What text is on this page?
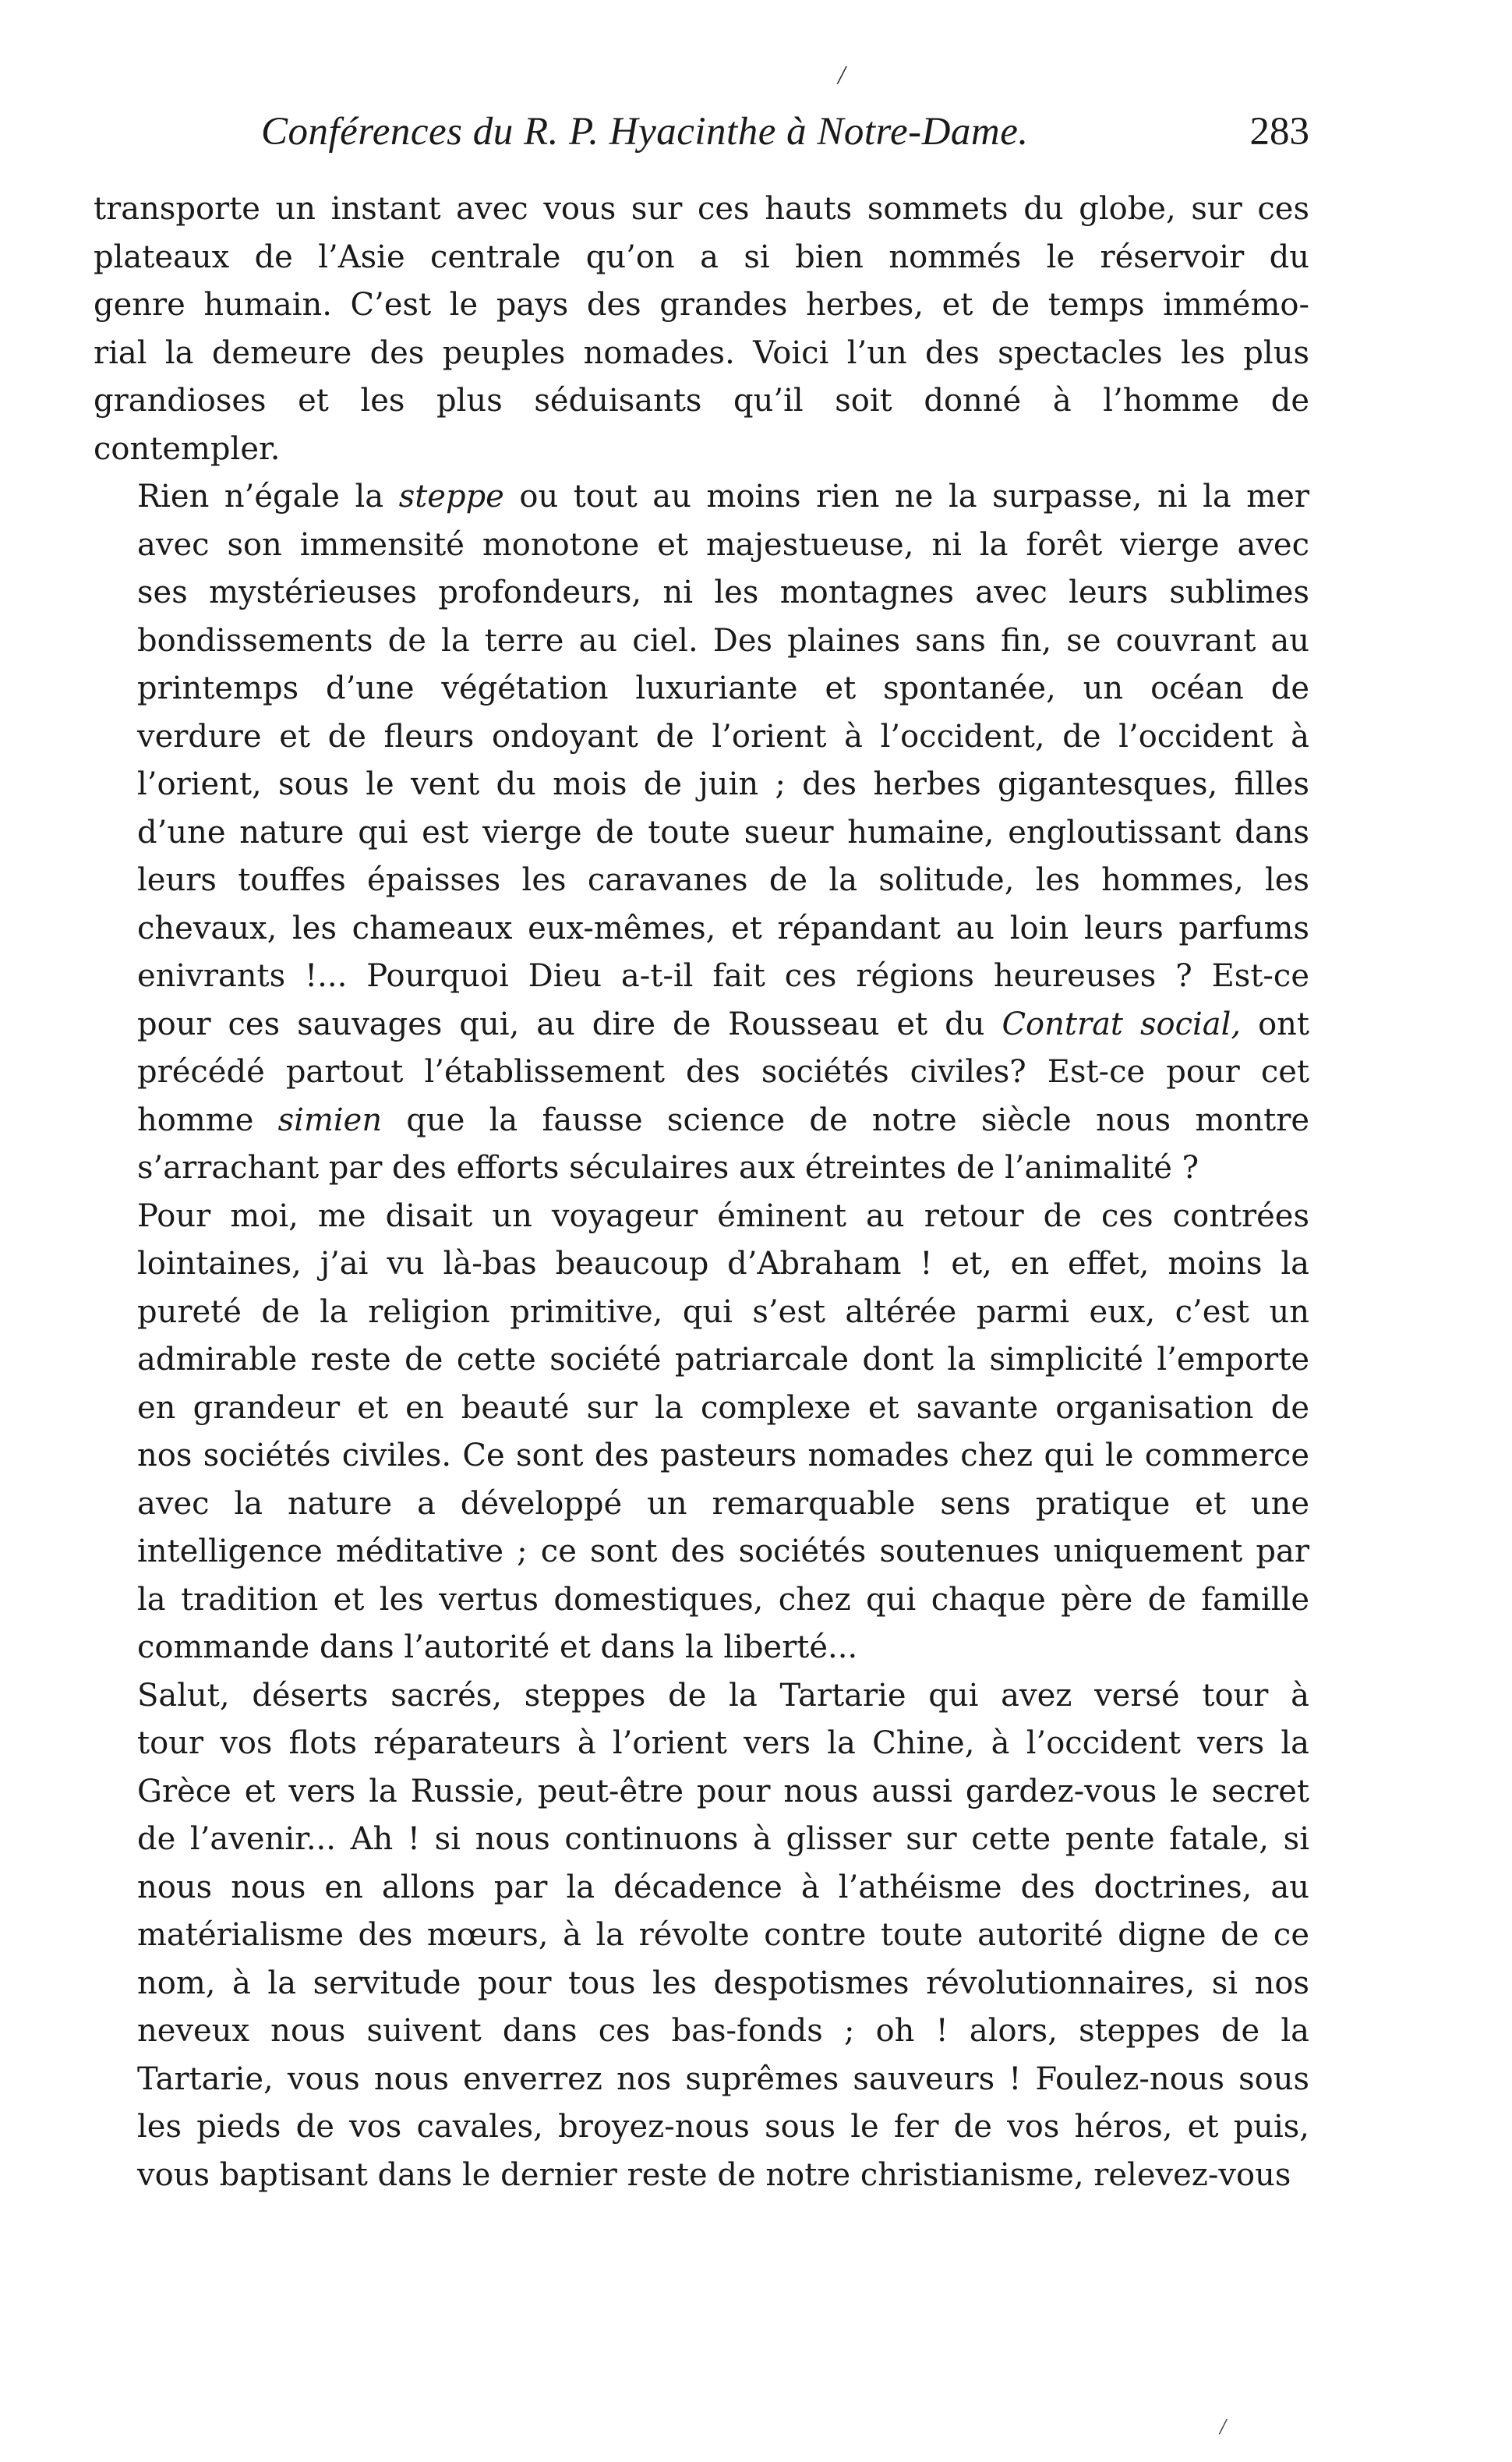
/
Conférences du R. P. Hyacinthe à Notre-Dame.	283

transporte un instant avec vous sur ces hauts sommets du globe, sur ces
plateaux de l’Asie centrale qu’on a si bien nommés le réservoir du
genre humain. C’est le pays des grandes herbes, et de temps immémo-
rial la demeure des peuples nomades. Voici l’un des spectacles les plus
grandioses et les plus séduisants qu’il soit donné à l’homme de
contempler.

Rien n’égale la steppe ou tout au moins rien ne la surpasse, ni la mer
avec son immensité monotone et majestueuse, ni la forêt vierge avec
ses mystérieuses profondeurs, ni les montagnes avec leurs sublimes
bondissements de la terre au ciel. Des plaines sans fin, se couvrant au
printemps d’une végétation luxuriante et spontanée, un océan de
verdure et de fleurs ondoyant de l’orient à l’occident, de l’occident à
l’orient, sous le vent du mois de juin ; des herbes gigantesques, filles
d’une nature qui est vierge de toute sueur humaine, engloutissant dans
leurs touffes épaisses les caravanes de la solitude, les hommes, les
chevaux, les chameaux eux-mêmes, et répandant au loin leurs parfums
enivrants !... Pourquoi Dieu a-t-il fait ces régions heureuses ? Est-ce
pour ces sauvages qui, au dire de Rousseau et du Contrat social, ont
précédé partout l’établissement des sociétés civiles? Est-ce pour cet
homme simien que la fausse science de notre siècle nous montre
s’arrachant par des efforts séculaires aux étreintes de l’animalité ?

Pour moi, me disait un voyageur éminent au retour de ces contrées
lointaines, j’ai vu là-bas beaucoup d’Abraham ! et, en effet, moins la
pureté de la religion primitive, qui s’est altérée parmi eux, c’est un
admirable reste de cette société patriarcale dont la simplicité l’emporte
en grandeur et en beauté sur la complexe et savante organisation de
nos sociétés civiles. Ce sont des pasteurs nomades chez qui le commerce
avec la nature a développé un remarquable sens pratique et une
intelligence méditative ; ce sont des sociétés soutenues uniquement par
la tradition et les vertus domestiques, chez qui chaque père de famille
commande dans l’autorité et dans la liberté...

Salut, déserts sacrés, steppes de la Tartarie qui avez versé tour à
tour vos flots réparateurs à l’orient vers la Chine, à l’occident vers la
Grèce et vers la Russie, peut-être pour nous aussi gardez-vous le secret
de l’avenir... Ah ! si nous continuons à glisser sur cette pente fatale, si
nous nous en allons par la décadence à l’athéisme des doctrines, au
matérialisme des mœurs, à la révolte contre toute autorité digne de ce
nom, à la servitude pour tous les despotismes révolutionnaires, si nos
neveux nous suivent dans ces bas-fonds ; oh ! alors, steppes de la
Tartarie, vous nous enverrez nos suprêmes sauveurs ! Foulez-nous sous
les pieds de vos cavales, broyez-nous sous le fer de vos héros, et puis,
vous baptisant dans le dernier reste de notre christianisme, relevez-vous

/
